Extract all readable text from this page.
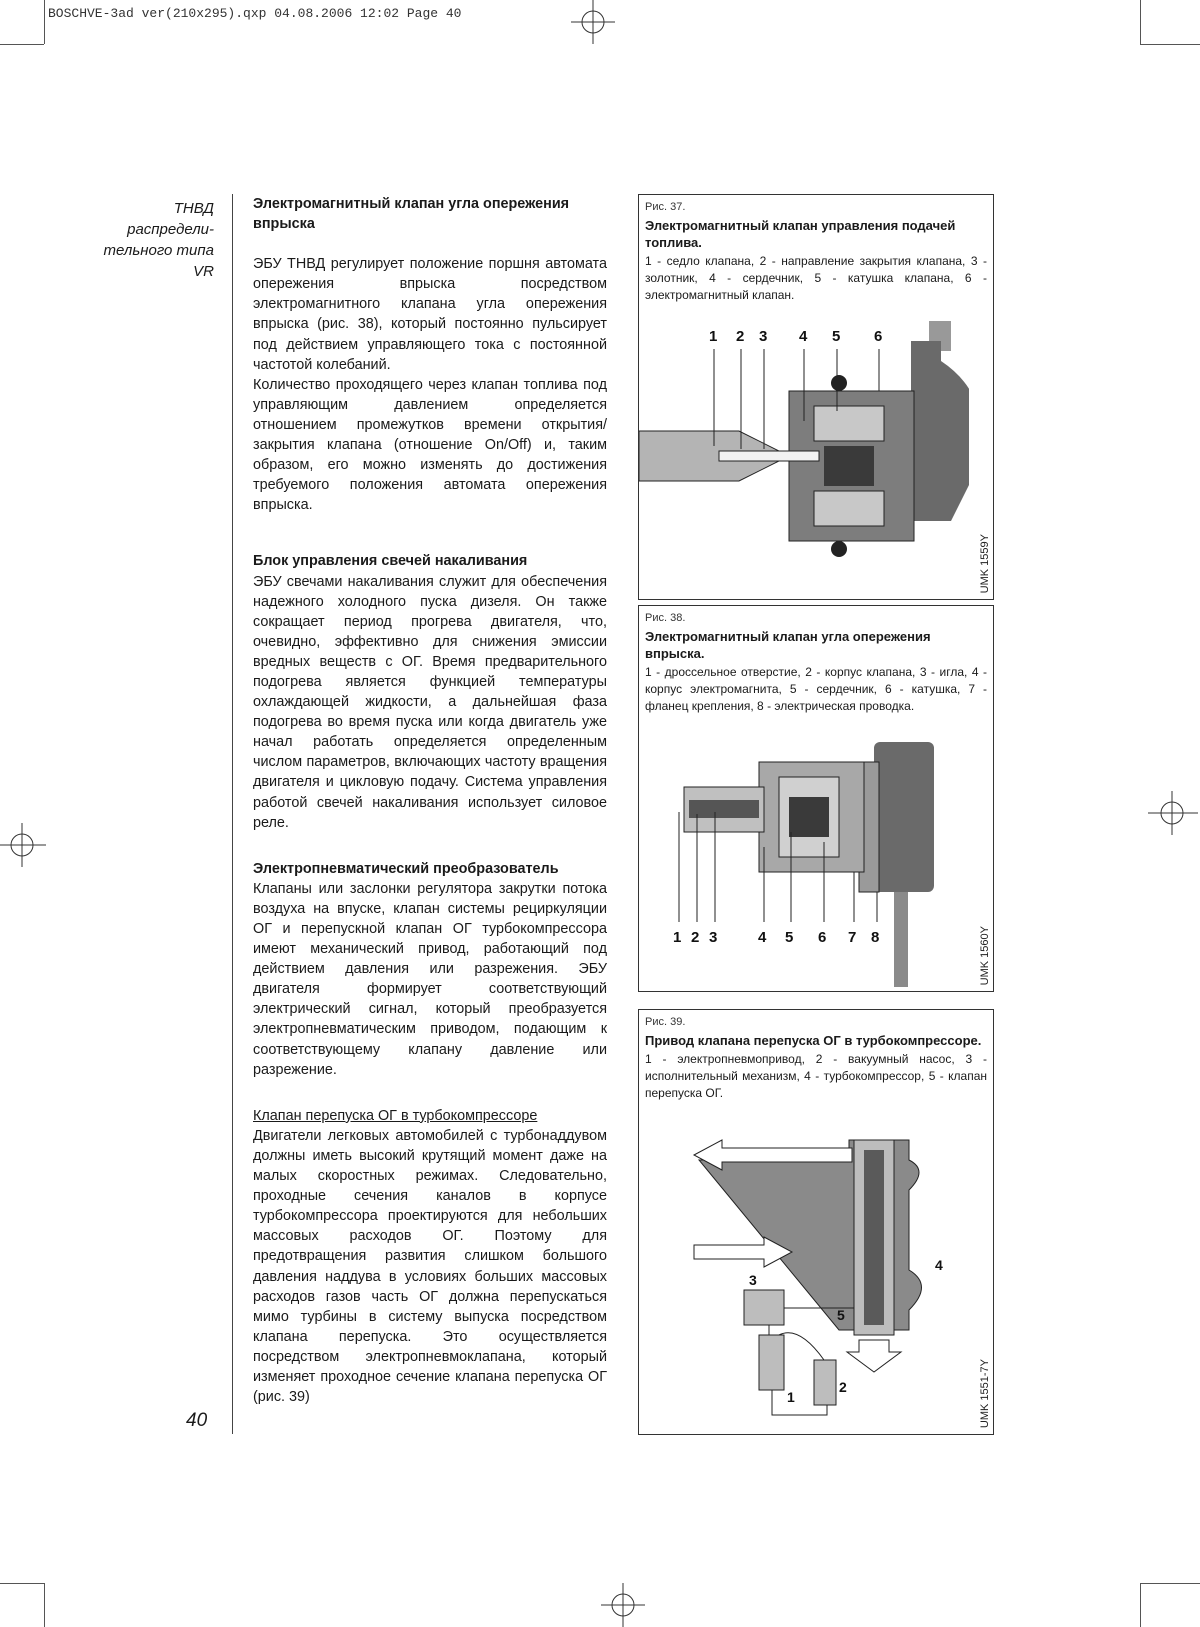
BOSCHVE-3ad ver(210x295).qxp 04.08.2006 12:02 Page 40
ТНВД
распредели-
тельного типа
VR
40
Электромагнитный клапан угла опережения впрыска

ЭБУ ТНВД регулирует положение поршня автомата опережения впрыска посредством электромагнитного клапана угла опережения впрыска (рис. 38), который постоянно пульсирует под действием управляющего тока с постоянной частотой колебаний.

Количество проходящего через клапан топлива под управляющим давлением определяется отношением промежутков времени открытия/закрытия клапана (отношение On/Off) и, таким образом, его можно изменять до достижения требуемого положения автомата опережения впрыска.

Блок управления свечей накаливания

ЭБУ свечами накаливания служит для обеспечения надежного холодного пуска дизеля. Он также сокращает период прогрева двигателя, что, очевидно, эффективно для снижения эмиссии вредных веществ с ОГ. Время предварительного подогрева является функцией температуры охлаждающей жидкости, а дальнейшая фаза подогрева во время пуска или когда двигатель уже начал работать определяется определенным числом параметров, включающих частоту вращения двигателя и цикловую подачу. Система управления работой свечей накаливания использует силовое реле.

Электропневматический преобразователь

Клапаны или заслонки регулятора закрутки потока воздуха на впуске, клапан системы рециркуляции ОГ и перепускной клапан ОГ турбокомпрессора имеют механический привод, работающий под действием давления или разрежения. ЭБУ двигателя формирует соответствующий электрический сигнал, который преобразуется электропневматическим приводом, подающим к соответствующему клапану давление или разрежение.

Клапан перепуска ОГ в турбокомпрессоре

Двигатели легковых автомобилей с турбонаддувом должны иметь высокий крутящий момент даже на малых скоростных режимах. Следовательно, проходные сечения каналов в корпусе турбокомпрессора проектируются для небольших массовых расходов ОГ. Поэтому для предотвращения развития слишком большого давления наддува в условиях больших массовых расходов газов часть ОГ должна перепускаться мимо турбины в систему выпуска посредством клапана перепуска. Это осуществляется посредством электропневмоклапана, который изменяет проходное сечение клапана перепуска ОГ (рис. 39)

Рис. 37.
Электромагнитный клапан управления подачей топлива.
1 - седло клапана, 2 - направление закрытия клапана, 3 - золотник, 4 - сердечник, 5 - катушка клапана, 6 - электромагнитный клапан.
1 2 3 4 5 6
UMK 1559Y
Рис. 38.
Электромагнитный клапан угла опережения впрыска.
1 - дроссельное отверстие, 2 - корпус клапана, 3 - игла, 4 - корпус электромагнита, 5 - сердечник, 6 - катушка, 7 - фланец крепления, 8 - электрическая проводка.
1 2 3	4 5 6 7 8	UMK 1560Y
Рис. 39.
Привод клапана перепуска ОГ в турбокомпрессоре.
1 - электропневмопривод, 2 - вакуумный насос, 3 - исполнительный механизм, 4 - турбокомпрессор, 5 - клапан перепуска ОГ.
1
2
3
4
5
UMK 1551-7Y
